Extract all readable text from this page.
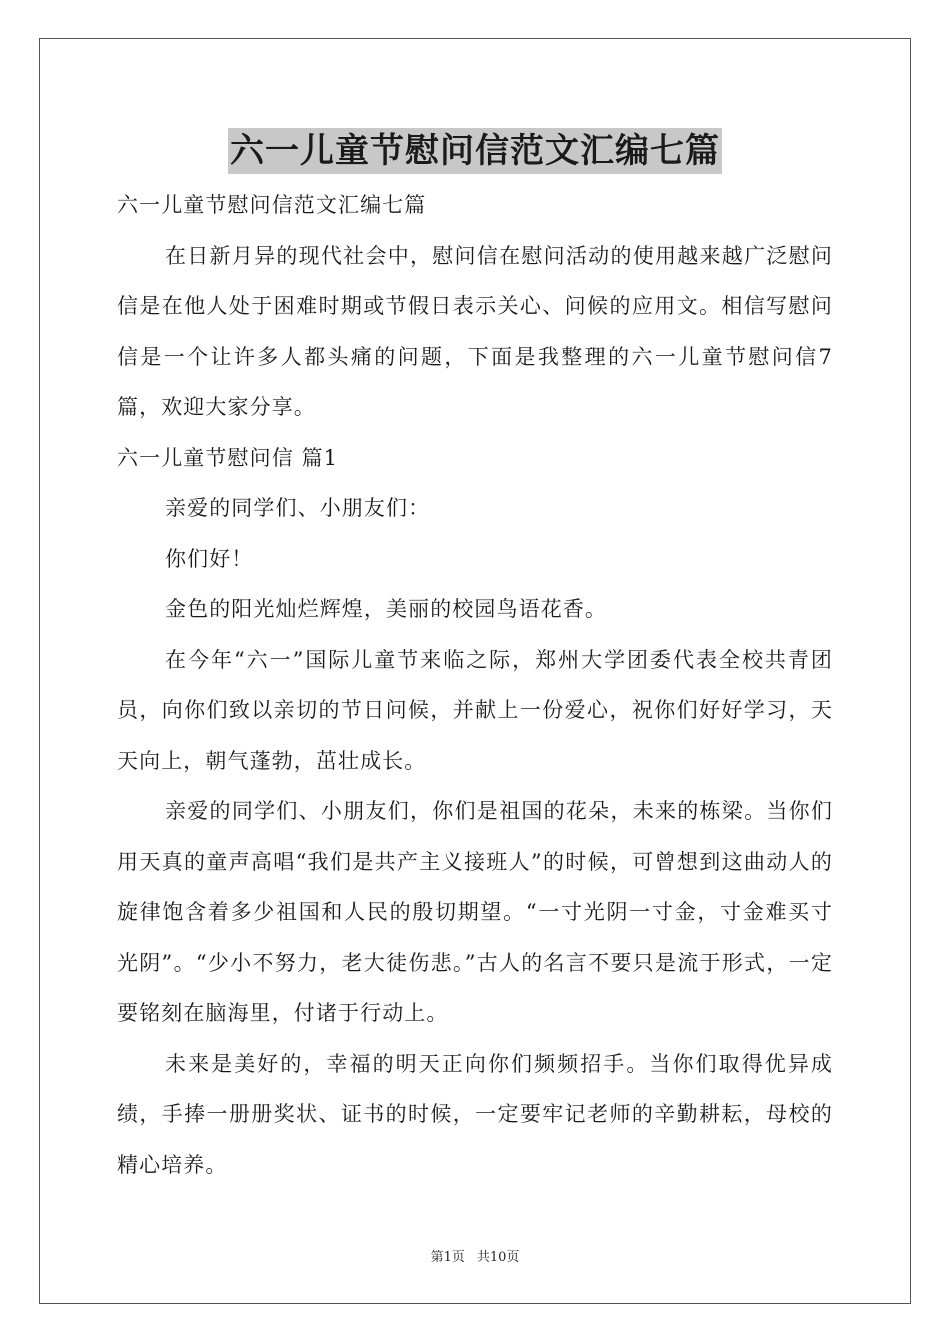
六一儿童节慰问信范文汇编七篇

六一儿童节慰问信范文汇编七篇

在日新月异的现代社会中，慰问信在慰问活动的使用越来越广泛慰问信是在他人处于困难时期或节假日表示关心、问候的应用文。相信写慰问信是一个让许多人都头痛的问题，下面是我整理的六一儿童节慰问信7篇，欢迎大家分享。

六一儿童节慰问信 篇1

亲爱的同学们、小朋友们：

你们好！

金色的阳光灿烂辉煌，美丽的校园鸟语花香。

在今年“六一”国际儿童节来临之际，郑州大学团委代表全校共青团员，向你们致以亲切的节日问候，并献上一份爱心，祝你们好好学习，天天向上，朝气蓬勃，茁壮成长。

亲爱的同学们、小朋友们，你们是祖国的花朵，未来的栋梁。当你们用天真的童声高唱“我们是共产主义接班人”的时候，可曾想到这曲动人的旋律饱含着多少祖国和人民的殷切期望。“一寸光阴一寸金，寸金难买寸光阴”。“少小不努力，老大徒伤悲。”古人的名言不要只是流于形式，一定要铭刻在脑海里，付诸于行动上。

未来是美好的，幸福的明天正向你们频频招手。当你们取得优异成绩，手捧一册册奖状、证书的时候，一定要牢记老师的辛勤耕耘，母校的精心培养。

第1页 共10页
